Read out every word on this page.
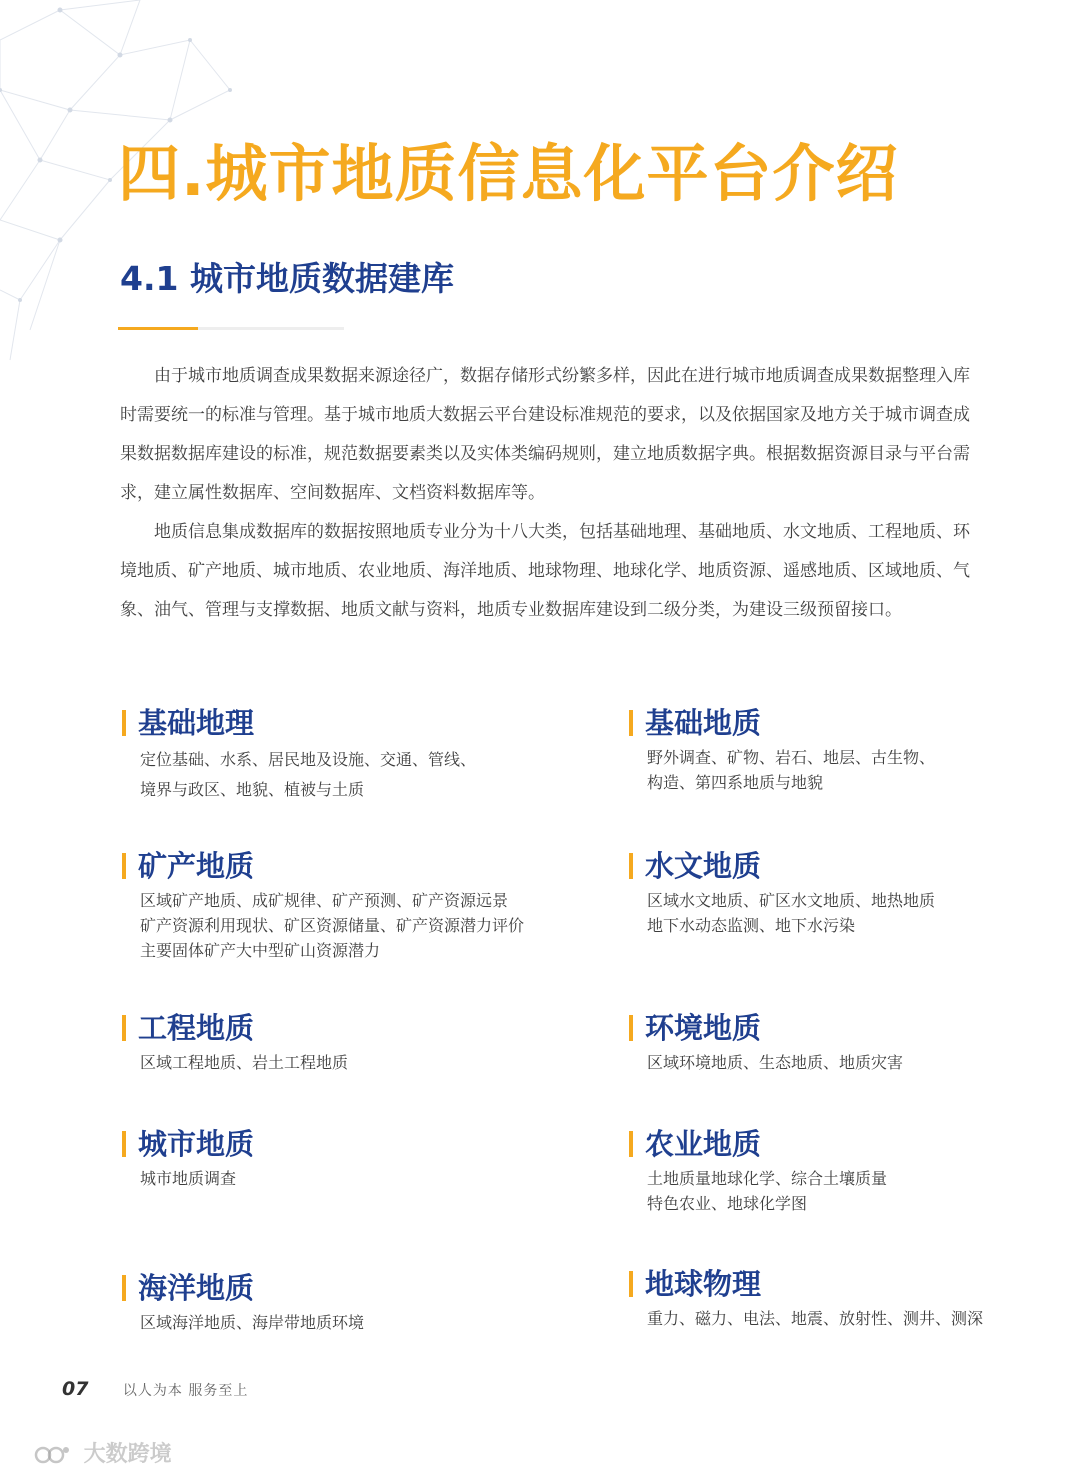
四.城市地质信息化平台介绍
4.1 城市地质数据建库

由于城市地质调查成果数据来源途径广，数据存储形式纷繁多样，因此在进行城市地质调查成果数据整理入库时需要统一的标准与管理。基于城市地质大数据云平台建设标准规范的要求，以及依据国家及地方关于城市调查成果数据数据库建设的标准，规范数据要素类以及实体类编码规则，建立地质数据字典。根据数据资源目录与平台需求，建立属性数据库、空间数据库、文档资料数据库等。

地质信息集成数据库的数据按照地质专业分为十八大类，包括基础地理、基础地质、水文地质、工程地质、环境地质、矿产地质、城市地质、农业地质、海洋地质、地球物理、地球化学、地质资源、遥感地质、区域地质、气象、油气、管理与支撑数据、地质文献与资料，地质专业数据库建设到二级分类，为建设三级预留接口。

基础地理
定位基础、水系、居民地及设施、交通、管线、
境界与政区、地貌、植被与土质
矿产地质
区域矿产地质、成矿规律、矿产预测、矿产资源远景
矿产资源利用现状、矿区资源储量、矿产资源潜力评价
主要固体矿产大中型矿山资源潜力
工程地质
区域工程地质、岩土工程地质
城市地质
城市地质调查
海洋地质
区域海洋地质、海岸带地质环境
基础地质
野外调查、矿物、岩石、地层、古生物、
构造、第四系地质与地貌
水文地质
区域水文地质、矿区水文地质、地热地质
地下水动态监测、地下水污染
环境地质
区域环境地质、生态地质、地质灾害
农业地质
土地质量地球化学、综合土壤质量
特色农业、地球化学图
地球物理
重力、磁力、电法、地震、放射性、测井、测深
07 以人为本 服务至上
大数跨境
